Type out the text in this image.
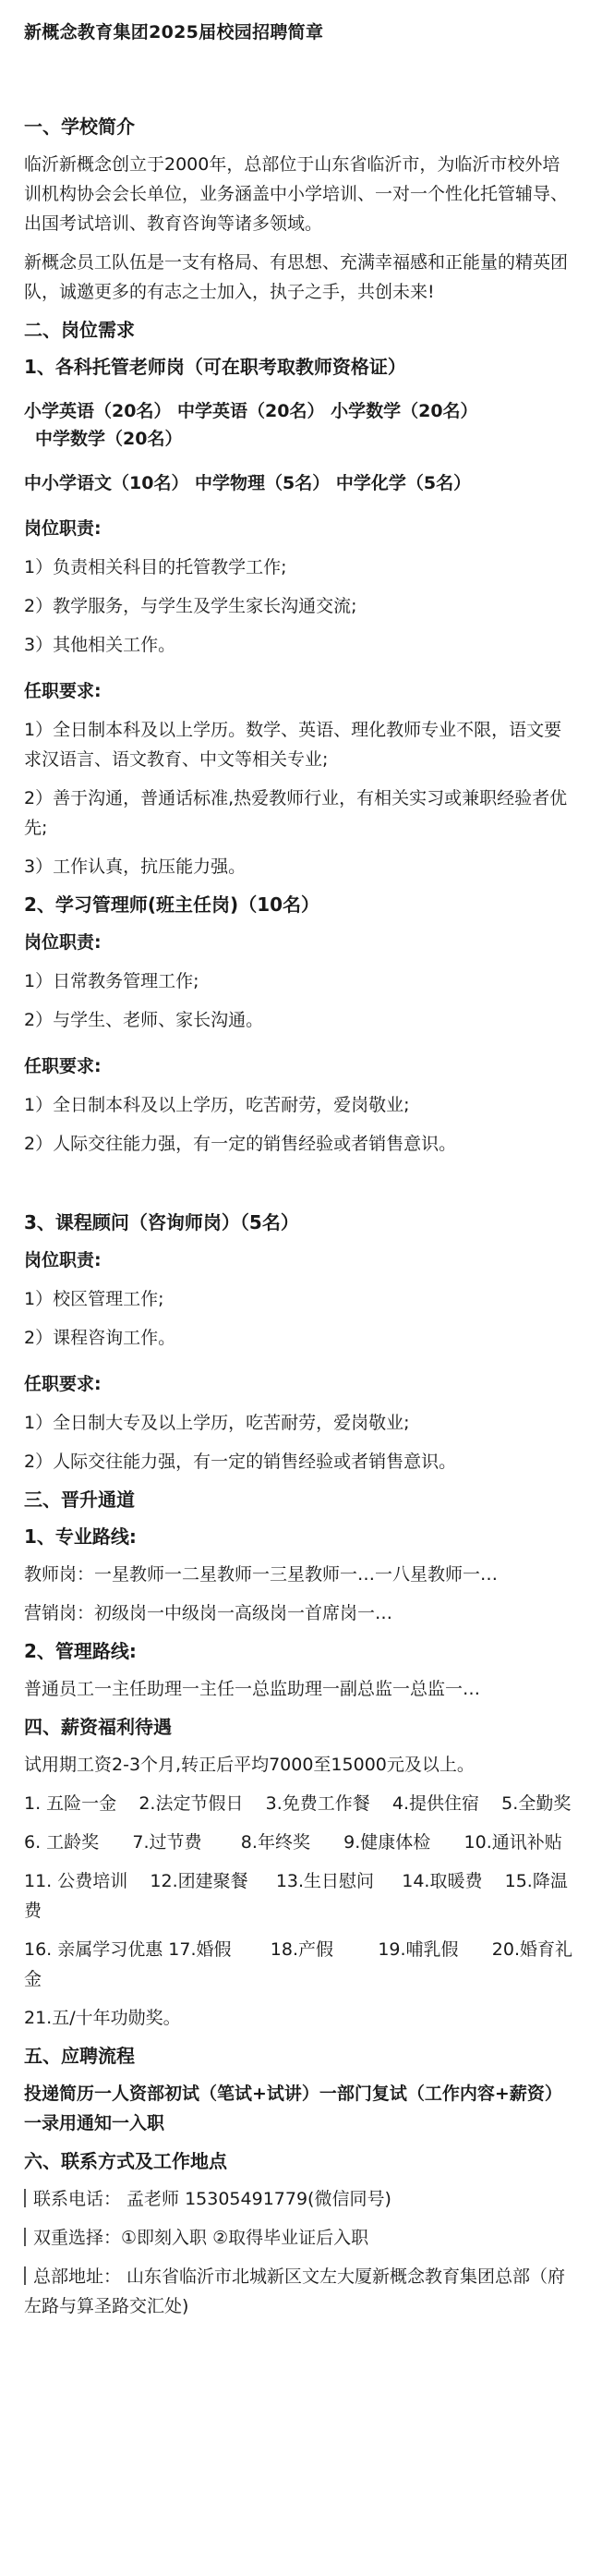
新概念教育集团2025届校园招聘简章
一、学校简介
临沂新概念创立于2000年，总部位于山东省临沂市，为临沂市校外培训机构协会会长单位，业务涵盖中小学培训、一对一个性化托管辅导、出国考试培训、教育咨询等诸多领域。
新概念员工队伍是一支有格局、有思想、充满幸福感和正能量的精英团队，诚邀更多的有志之士加入，执子之手，共创未来!
二、岗位需求
1、各科托管老师岗（可在职考取教师资格证）
小学英语（20名） 中学英语（20名） 小学数学（20名）
中学数学（20名）
中小学语文（10名） 中学物理（5名） 中学化学（5名）
岗位职责:
1）负责相关科目的托管教学工作;
2）教学服务，与学生及学生家长沟通交流;
3）其他相关工作。
任职要求:
1）全日制本科及以上学历。数学、英语、理化教师专业不限，语文要求汉语言、语文教育、中文等相关专业;
2）善于沟通，普通话标准,热爱教师行业，有相关实习或兼职经验者优先;
3）工作认真，抗压能力强。
2、学习管理师(班主任岗)（10名）
岗位职责:
1）日常教务管理工作;
2）与学生、老师、家长沟通。
任职要求:
1）全日制本科及以上学历，吃苦耐劳，爱岗敬业;
2）人际交往能力强，有一定的销售经验或者销售意识。
3、课程顾问（咨询师岗）（5名）
岗位职责:
1）校区管理工作;
2）课程咨询工作。
任职要求:
1）全日制大专及以上学历，吃苦耐劳，爱岗敬业;
2）人际交往能力强，有一定的销售经验或者销售意识。
三、晋升通道
1、专业路线:
教师岗：一星教师一二星教师一三星教师一…一八星教师一…
营销岗：初级岗一中级岗一高级岗一首席岗一…
2、管理路线:
普通员工一主任助理一主任一总监助理一副总监一总监一…
四、薪资福利待遇
试用期工资2-3个月,转正后平均7000至15000元及以上。
1. 五险一金    2.法定节假日    3.免费工作餐    4.提供住宿    5.全勤奖
6. 工龄奖      7.过节费       8.年终奖      9.健康体检      10.通讯补贴
11. 公费培训    12.团建聚餐     13.生日慰问     14.取暖费    15.降温费
16. 亲属学习优惠 17.婚假       18.产假        19.哺乳假      20.婚育礼金
21.五/十年功勋奖。
五、应聘流程
投递简历一人资部初试（笔试+试讲）一部门复试（工作内容+薪资）一录用通知一入职
六、联系方式及工作地点
联系电话： 孟老师 15305491779(微信同号)
双重选择：①即刻入职 ②取得毕业证后入职
总部地址： 山东省临沂市北城新区文左大厦新概念教育集团总部（府左路与算圣路交汇处)
